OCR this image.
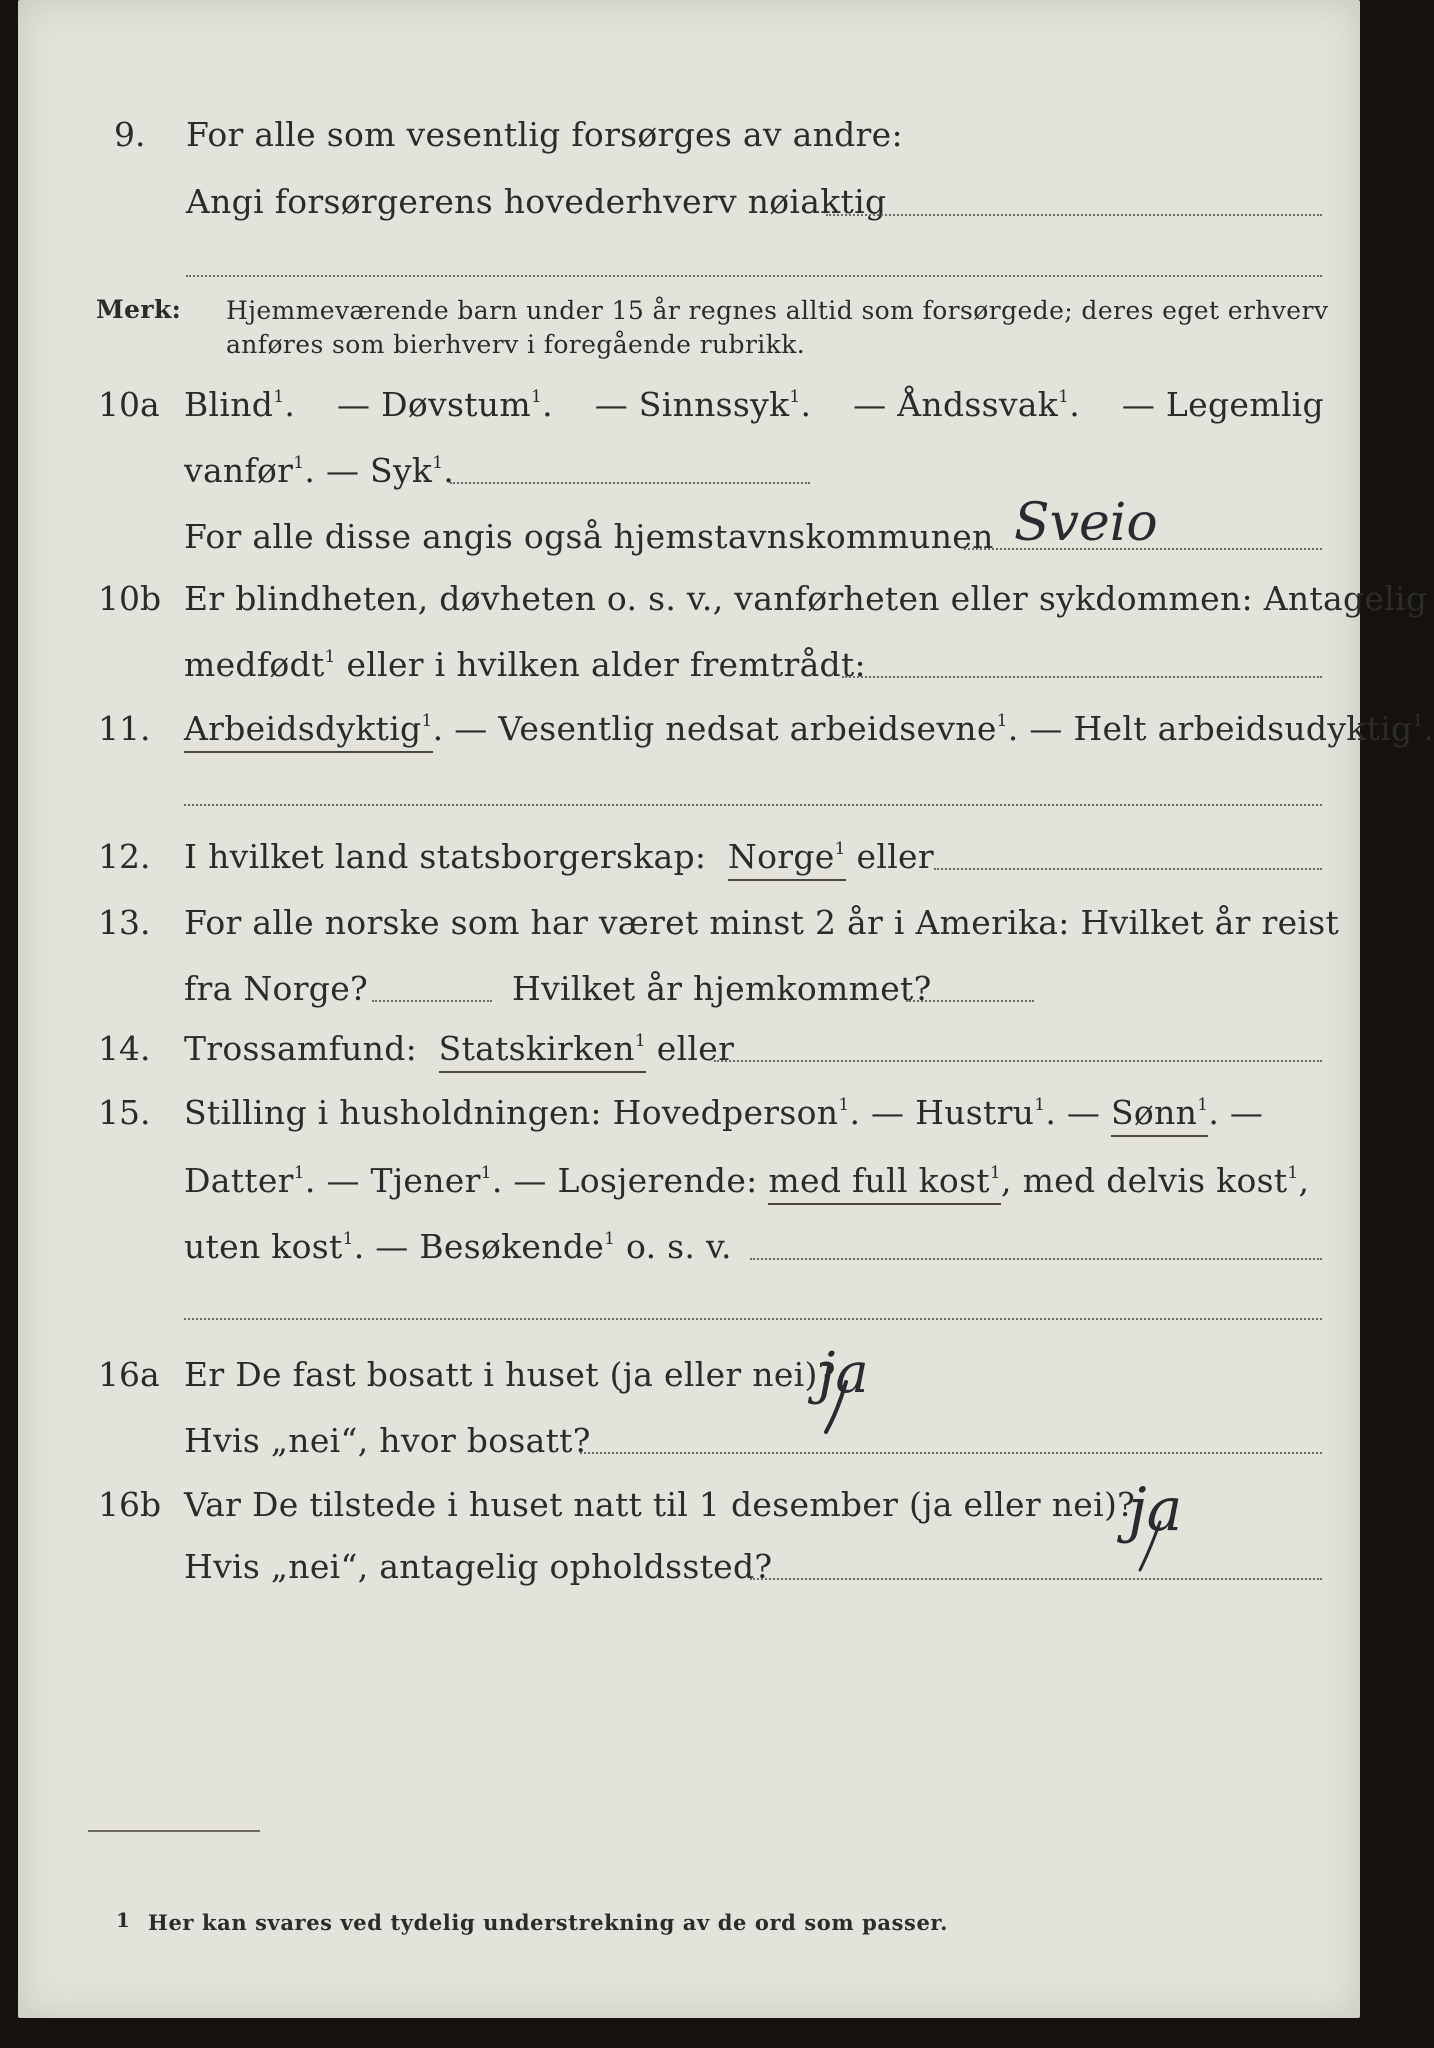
9. For alle som vesentlig forsørges av andre:
Angi forsørgerens hovederhverv nøiaktig
Merk: Hjemmeværende barn under 15 år regnes alltid som forsørgede; deres eget erhverv
anføres som bierhverv i foregående rubrikk.
10a Blind$^1$. — Døvstum$^1$. — Sinnssyk$^1$. — Åndssvak$^1$. — Legemlig
vanfør$^1$. — Syk$^1$.
For alle disse angis også hjemstavnskommunen Sveio
10b Er blindheten, døvheten o. s. v., vanførheten eller sykdommen: Antagelig
medfødt$^1$ eller i hvilken alder fremtrådt:
11. Arbeidsdyktig$^1$. — Vesentlig nedsat arbeidsevne$^1$. — Helt arbeidsudyktig$^1$.
12. I hvilket land statsborgerskap: Norge$^1$ eller
13. For alle norske som har været minst 2 år i Amerika: Hvilket år reist
fra Norge?	Hvilket år hjemkommet?
14. Trossamfund: Statskirken$^1$ eller
15. Stilling i husholdningen: Hovedperson$^1$. — Hustru$^1$. — Sønn$^1$. —
Datter$^1$. — Tjener$^1$. — Losjerende: med full kost$^1$, med delvis kost$^1$,
uten kost$^1$. — Besøkende$^1$ o. s. v.
16a Er De fast bosatt i huset (ja eller nei)?
ja
Hvis „nei“, hvor bosatt?
16b Var De tilstede i huset natt til 1 desember (ja eller nei)?
ja
Hvis „nei“, antagelig opholdssted?
1 Her kan svares ved tydelig understrekning av de ord som passer.
